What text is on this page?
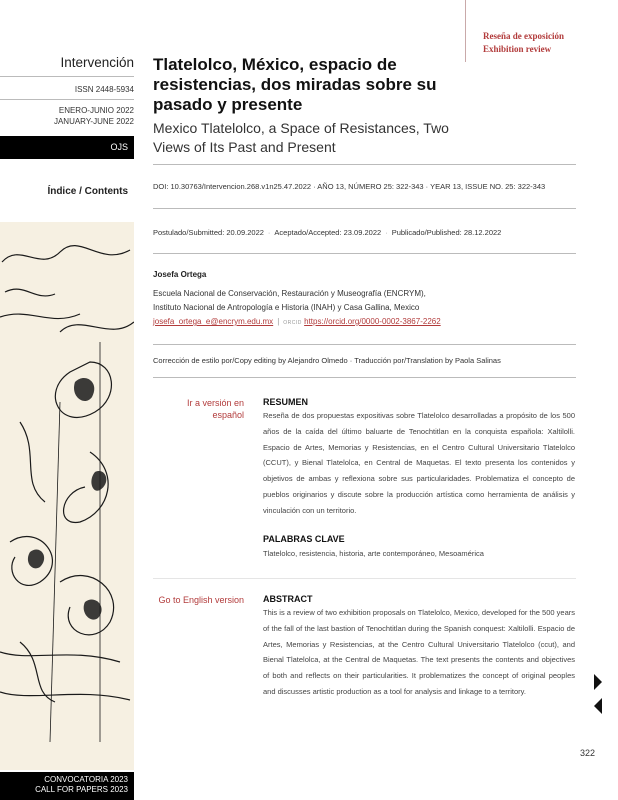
Intervención
ISSN 2448-5934
ENERO-JUNIO 2022
JANUARY-JUNE 2022
OJS
Índice / Contents
CONVOCATORIA 2023
CALL FOR PAPERS 2023
Reseña de exposición
Exhibition review
Tlatelolco, México, espacio de resistencias, dos miradas sobre su pasado y presente
Mexico Tlatelolco, a Space of Resistances, Two Views of Its Past and Present
DOI: 10.30763/Intervencion.268.v1n25.47.2022 · AÑO 13, NÚMERO 25: 322-343 · YEAR 13, ISSUE NO. 25: 322-343
Postulado/Submitted: 20.09.2022 · Aceptado/Accepted: 23.09.2022 · Publicado/Published: 28.12.2022
Josefa Ortega
Escuela Nacional de Conservación, Restauración y Museografía (ENCRYM),
Instituto Nacional de Antropología e Historia (INAH) y Casa Gallina, Mexico
josefa_ortega_e@encrym.edu.mx | ORCID https://orcid.org/0000-0002-3867-2262
Corrección de estilo por/Copy editing by Alejandro Olmedo · Traducción por/Translation by Paola Salinas
Ir a versión en español
RESUMEN
Reseña de dos propuestas expositivas sobre Tlatelolco desarrolladas a propósito de los 500 años de la caída del último baluarte de Tenochtitlan en la conquista española: Xaltilolli. Espacio de Artes, Memorias y Resistencias, en el Centro Cultural Universitario Tlatelolco (CCUT), y Bienal Tlatelolca, en Central de Maquetas. El texto presenta los contenidos y objetivos de ambas y reflexiona sobre sus particularidades. Problematiza el concepto de pueblos originarios y discute sobre la producción artística como herramienta de análisis y vinculación con un territorio.
PALABRAS CLAVE
Tlatelolco, resistencia, historia, arte contemporáneo, Mesoamérica
Go to English version ABSTRACT
This is a review of two exhibition proposals on Tlatelolco, Mexico, developed for the 500 years of the fall of the last bastion of Tenochtitlan during the Spanish conquest: Xaltilolli. Espacio de Artes, Memorias y Resistencias, at the Centro Cultural Universitario Tlatelolco (ccut), and Bienal Tlatelolca, at the Central de Maquetas. The text presents the contents and objectives of both and reflects on their particularities. It problematizes the concept of original peoples and discusses artistic production as a tool for analysis and linkage to a territory.
322
